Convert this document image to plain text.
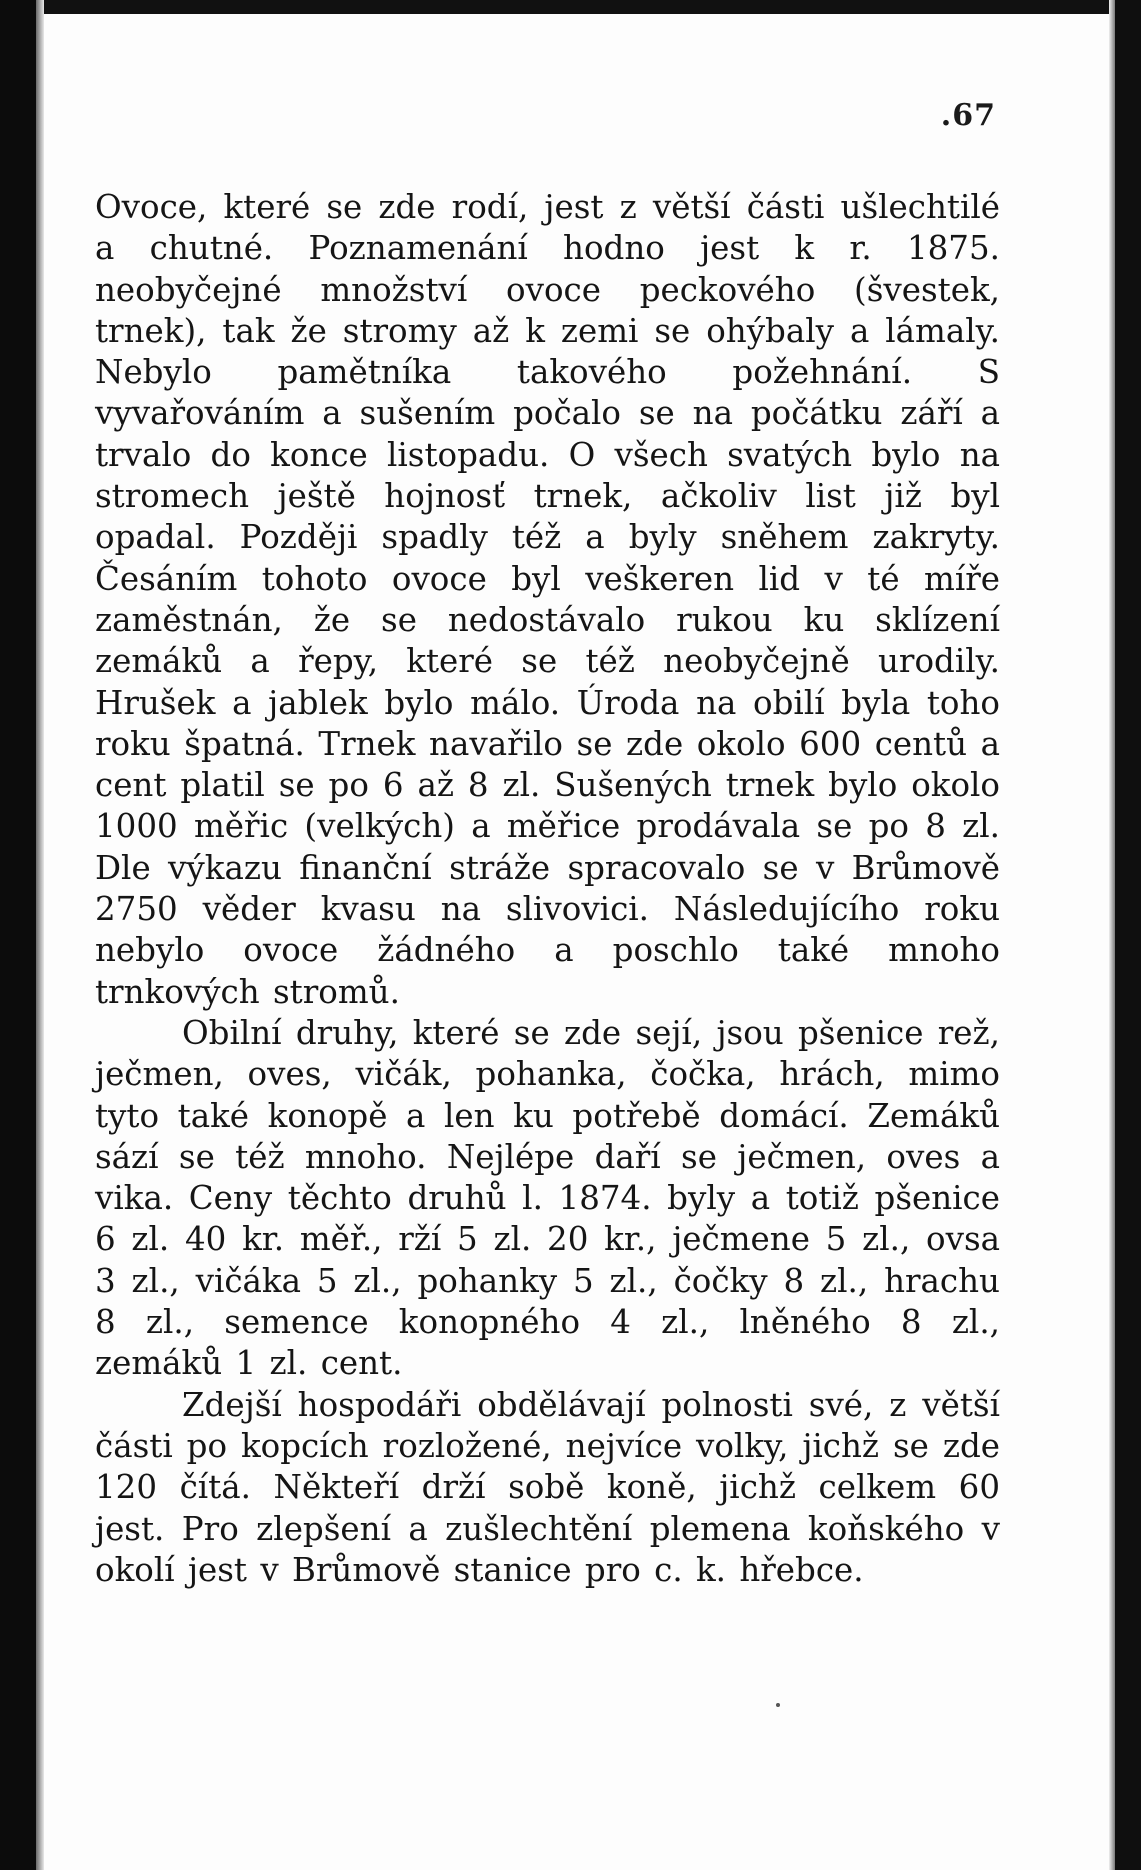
.67

Ovoce, které se zde rodí, jest z větší části ušlechtilé a chutné. Poznamenání hodno jest k r. 1875. neobyčejné množství ovoce peckového (švestek, trnek), tak že stromy až k zemi se ohýbaly a lámaly. Nebylo pamětníka takového požehnání. S vyvařováním a sušením počalo se na počátku září a trvalo do konce listopadu. O všech svatých bylo na stromech ještě hojnosť trnek, ačkoliv list již byl opadal. Později spadly též a byly sněhem zakryty. Česáním tohoto ovoce byl veškeren lid v té míře zaměstnán, že se nedostávalo rukou ku sklízení zemáků a řepy, které se též neobyčejně urodily. Hrušek a jablek bylo málo. Úroda na obilí byla toho roku špatná. Trnek navařilo se zde okolo 600 centů a cent platil se po 6 až 8 zl. Sušených trnek bylo okolo 1000 měřic (velkých) a měřice prodávala se po 8 zl. Dle výkazu finanční stráže spracovalo se v Brůmově 2750 věder kvasu na slivovici. Následujícího roku nebylo ovoce žádného a poschlo také mnoho trnkových stromů.

Obilní druhy, které se zde sejí, jsou pšenice rež, ječmen, oves, vičák, pohanka, čočka, hrách, mimo tyto také konopě a len ku potřebě domácí. Zemáků sází se též mnoho. Nejlépe daří se ječmen, oves a vika. Ceny těchto druhů l. 1874. byly a totiž pšenice 6 zl. 40 kr. měř., rží 5 zl. 20 kr., ječmene 5 zl., ovsa 3 zl., vičáka 5 zl., pohanky 5 zl., čočky 8 zl., hrachu 8 zl., semence konopného 4 zl., lněného 8 zl., zemáků 1 zl. cent.

Zdejší hospodáři obdělávají polnosti své, z větší části po kopcích rozložené, nejvíce volky, jichž se zde 120 čítá. Někteří drží sobě koně, jichž celkem 60 jest. Pro zlepšení a zušlechtění plemena koňského v okolí jest v Brůmově stanice pro c. k. hřebce.
